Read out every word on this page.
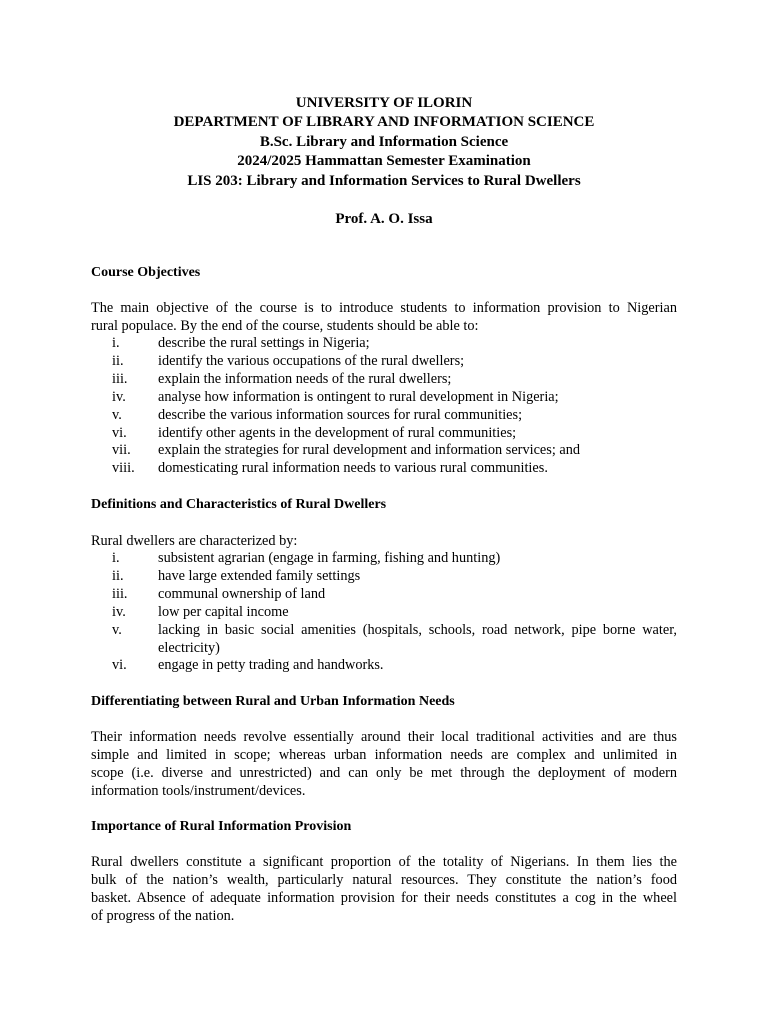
UNIVERSITY OF ILORIN
DEPARTMENT OF LIBRARY AND INFORMATION SCIENCE
B.Sc. Library and Information Science
2024/2025 Hammattan Semester Examination
LIS 203: Library and Information Services to Rural Dwellers
Prof. A. O. Issa
Course Objectives
The main objective of the course is to introduce students to information provision to Nigerian
rural populace. By the end of the course, students should be able to:
i.	describe the rural settings in Nigeria;
ii.	identify the various occupations of the rural dwellers;
iii.	explain the information needs of the rural dwellers;
iv.	analyse how information is ontingent to rural development in Nigeria;
v.	describe the various information sources for rural communities;
vi.	identify other agents in the development of rural communities;
vii.	explain the strategies for rural development and information services; and
viii.	domesticating rural information needs to various rural communities.
Definitions and Characteristics of Rural Dwellers
Rural dwellers are characterized by:
i.	subsistent agrarian (engage in farming, fishing and hunting)
ii.	have large extended family settings
iii.	communal ownership of land
iv.	low per capital income
v.	lacking in basic social amenities (hospitals, schools, road network, pipe borne water,
electricity)
vi.	engage in petty trading and handworks.
Differentiating between Rural and Urban Information Needs
Their information needs revolve essentially around their local traditional activities and are thus
simple and limited in scope; whereas urban information needs are complex and unlimited in
scope (i.e. diverse and unrestricted) and can only be met through the deployment of modern
information tools/instrument/devices.
Importance of Rural Information Provision
Rural dwellers constitute a significant proportion of the totality of Nigerians. In them lies the
bulk of the nation’s wealth, particularly natural resources. They constitute the nation’s food
basket. Absence of adequate information provision for their needs constitutes a cog in the wheel
of progress of the nation.
